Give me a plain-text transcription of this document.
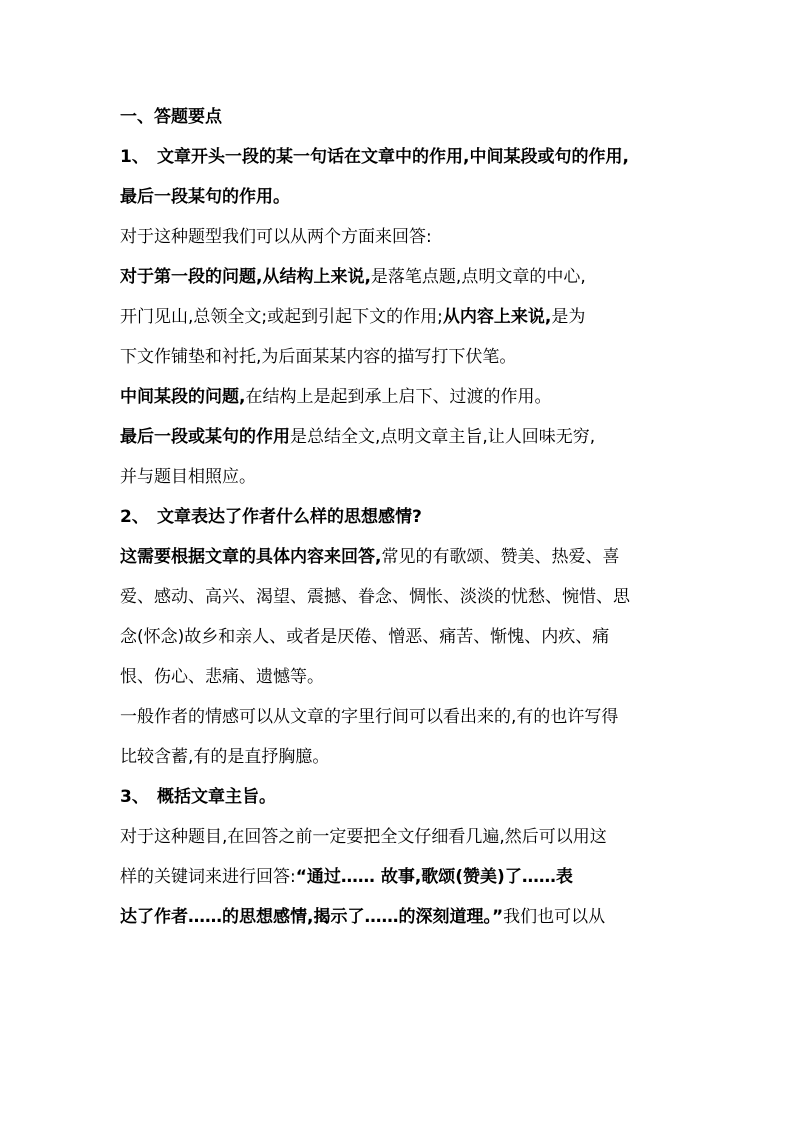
一、答题要点
1、 文章开头一段的某一句话在文章中的作用,中间某段或句的作用,
最后一段某句的作用。
对于这种题型我们可以从两个方面来回答:
对于第一段的问题,从结构上来说,是落笔点题,点明文章的中心,
开门见山,总领全文;或起到引起下文的作用;从内容上来说,是为
下文作铺垫和衬托,为后面某某内容的描写打下伏笔。
中间某段的问题,在结构上是起到承上启下、过渡的作用。
最后一段或某句的作用是总结全文,点明文章主旨,让人回味无穷,
并与题目相照应。
2、 文章表达了作者什么样的思想感情?
这需要根据文章的具体内容来回答,常见的有歌颂、赞美、热爱、喜
爱、感动、高兴、渴望、震撼、眷念、惆怅、淡淡的忧愁、惋惜、思
念(怀念)故乡和亲人、或者是厌倦、憎恶、痛苦、惭愧、内疚、痛
恨、伤心、悲痛、遗憾等。
一般作者的情感可以从文章的字里行间可以看出来的,有的也许写得
比较含蓄,有的是直抒胸臆。
3、 概括文章主旨。
对于这种题目,在回答之前一定要把全文仔细看几遍,然后可以用这
样的关键词来进行回答:“通过…… 故事,歌颂(赞美)了……表
达了作者……的思想感情,揭示了……的深刻道理。”我们也可以从
